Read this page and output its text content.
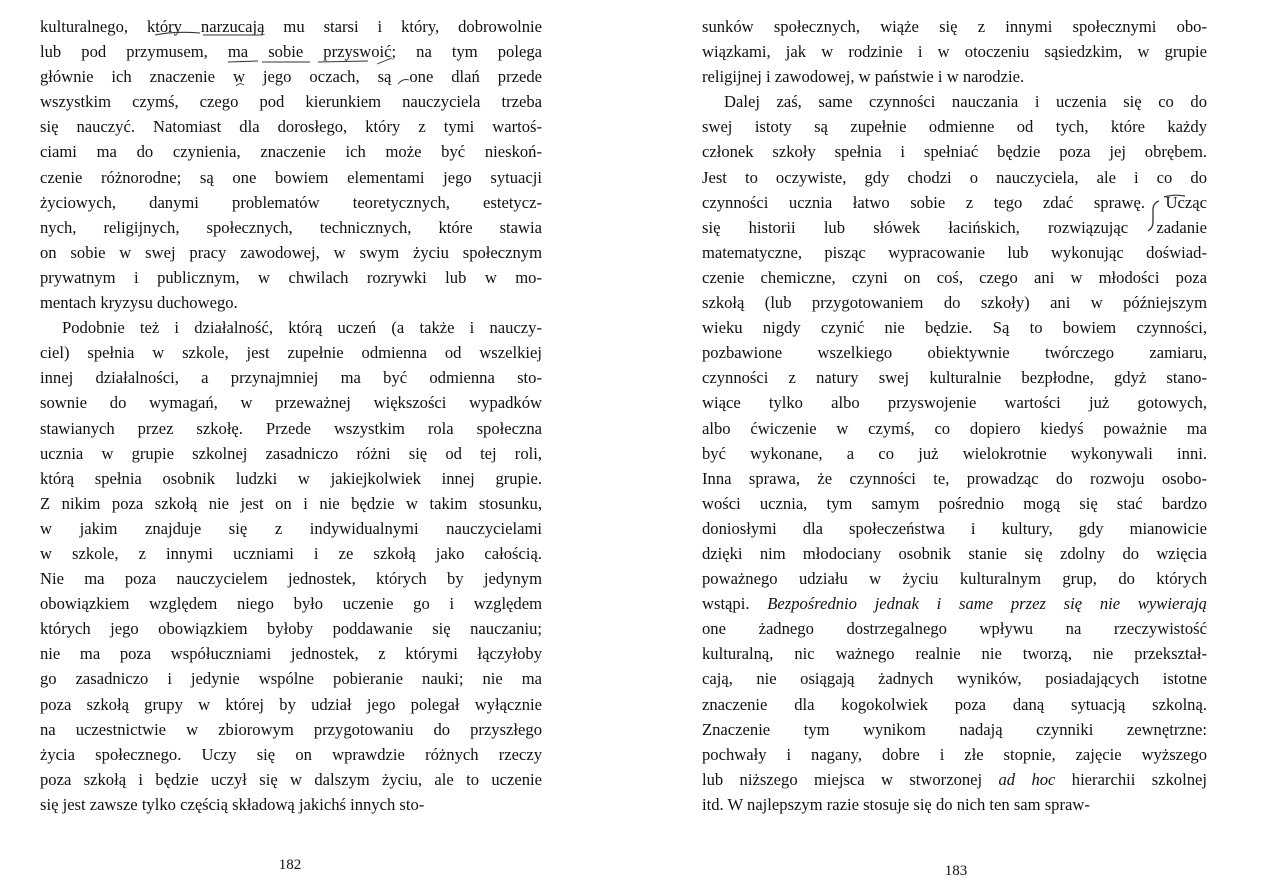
kulturalnego, który narzucają mu starsi i który, dobrowolnie
lub pod przymusem, ma sobie przyswoić; na tym polega
głównie ich znaczenie w jego oczach, są one dlań przede
wszystkim czymś, czego pod kierunkiem nauczyciela trzeba
się nauczyć. Natomiast dla dorosłego, który z tymi wartoś-
ciami ma do czynienia, znaczenie ich może być nieskoń-
czenie różnorodne; są one bowiem elementami jego sytuacji
życiowych, danymi problematów teoretycznych, estetycz-
nych, religijnych, społecznych, technicznych, które stawia
on sobie w swej pracy zawodowej, w swym życiu społecznym
prywatnym i publicznym, w chwilach rozrywki lub w mo-
mentach kryzysu duchowego.
Podobnie też i działalność, którą uczeń (a także i nauczy-
ciel) spełnia w szkole, jest zupełnie odmienna od wszelkiej
innej działalności, a przynajmniej ma być odmienna sto-
sownie do wymagań, w przeważnej większości wypadków
stawianych przez szkołę. Przede wszystkim rola społeczna
ucznia w grupie szkolnej zasadniczo różni się od tej roli,
którą spełnia osobnik ludzki w jakiejkolwiek innej grupie.
Z nikim poza szkołą nie jest on i nie będzie w takim stosunku,
w jakim znajduje się z indywidualnymi nauczycielami
w szkole, z innymi uczniami i ze szkołą jako całością.
Nie ma poza nauczycielem jednostek, których by jedynym
obowiązkiem względem niego było uczenie go i względem
których jego obowiązkiem byłoby poddawanie się nauczaniu;
nie ma poza współuczniami jednostek, z którymi łączyłoby
go zasadniczo i jedynie wspólne pobieranie nauki; nie ma
poza szkołą grupy w której by udział jego polegał wyłącznie
na uczestnictwie w zbiorowym przygotowaniu do przyszłego
życia społecznego. Uczy się on wprawdzie różnych rzeczy
poza szkołą i będzie uczył się w dalszym życiu, ale to uczenie
się jest zawsze tylko częścią składową jakichś innych sto-
182
sunków społecznych, wiąże się z innymi społecznymi obo-
wiązkami, jak w rodzinie i w otoczeniu sąsiedzkim, w grupie
religijnej i zawodowej, w państwie i w narodzie.
Dalej zaś, same czynności nauczania i uczenia się co do
swej istoty są zupełnie odmienne od tych, które każdy
członek szkoły spełnia i spełniać będzie poza jej obrębem.
Jest to oczywiste, gdy chodzi o nauczyciela, ale i co do
czynności ucznia łatwo sobie z tego zdać sprawę. Ucząc
się historii lub słówek łacińskich, rozwiązując zadanie
matematyczne, pisząc wypracowanie lub wykonując doświad-
czenie chemiczne, czyni on coś, czego ani w młodości poza
szkołą (lub przygotowaniem do szkoły) ani w późniejszym
wieku nigdy czynić nie będzie. Są to bowiem czynności,
pozbawione wszelkiego obiektywnie twórczego zamiaru,
czynności z natury swej kulturalnie bezpłodne, gdyż stano-
wiące tylko albo przyswojenie wartości już gotowych,
albo ćwiczenie w czymś, co dopiero kiedyś poważnie ma
być wykonane, a co już wielokrotnie wykonywali inni.
Inna sprawa, że czynności te, prowadząc do rozwoju osobo-
wości ucznia, tym samym pośrednio mogą się stać bardzo
doniosłymi dla społeczeństwa i kultury, gdy mianowicie
dzięki nim młodociany osobnik stanie się zdolny do wzięcia
poważnego udziału w życiu kulturalnym grup, do których
wstąpi. Bezpośrednio jednak i same przez się nie wywierają
one żadnego dostrzegalnego wpływu na rzeczywistość
kulturalną, nic ważnego realnie nie tworzą, nie przekształ-
cają, nie osiągają żadnych wyników, posiadających istotne
znaczenie dla kogokolwiek poza daną sytuacją szkolną.
Znaczenie tym wynikom nadają czynniki zewnętrzne:
pochwały i nagany, dobre i złe stopnie, zajęcie wyższego
lub niższego miejsca w stworzonej ad hoc hierarchii szkolnej
itd. W najlepszym razie stosuje się do nich ten sam spraw-
183
